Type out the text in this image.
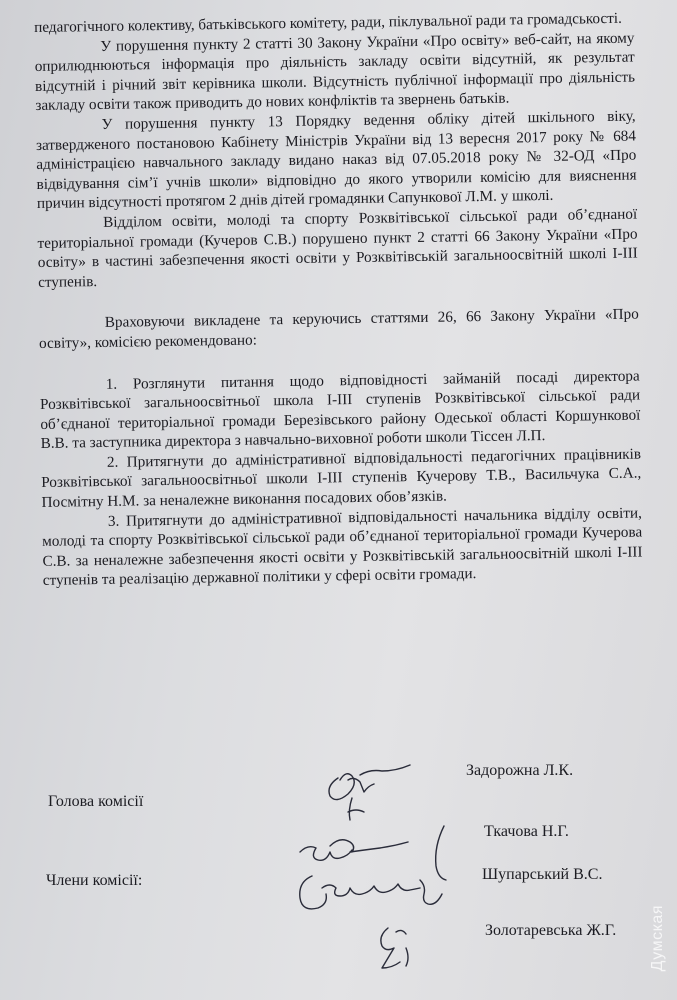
педагогічного колективу, батьківського комітету, ради, піклувальної ради та громадськості.

У порушення пункту 2 статті 30 Закону України «Про освіту» веб-сайт, на якому оприлюднюються інформація про діяльність закладу освіти відсутній, як результат відсутній і річний звіт керівника школи. Відсутність публічної інформації про діяльність закладу освіти також приводить до нових конфліктів та звернень батьків.

У порушення пункту 13 Порядку ведення обліку дітей шкільного віку, затвердженого постановою Кабінету Міністрів України від 13 вересня 2017 року № 684 адміністрацією навчального закладу видано наказ від 07.05.2018 року № 32-ОД «Про відвідування сім’ї учнів школи» відповідно до якого утворили комісію для вияснення причин відсутності протягом 2 днів дітей громадянки Сапункової Л.М. у школі.

Відділом освіти, молоді та спорту Розквітівської сільської ради об’єднаної територіальної громади (Кучеров С.В.) порушено пункт 2 статті 66 Закону України «Про освіту» в частині забезпечення якості освіти у Розквітівській загальноосвітній школі І-ІІІ ступенів.

Враховуючи викладене та керуючись статтями 26, 66 Закону України «Про освіту», комісією рекомендовано:

1. Розглянути питання щодо відповідності займаній посаді директора Розквітівської загальноосвітньої школа І-ІІІ ступенів Розквітівської сільської ради об’єднаної територіальної громади Березівського району Одеської області Коршункової В.В. та заступника директора з навчально-виховної роботи школи Тіссен Л.П.

2. Притягнути до адміністративної відповідальності педагогічних працівників Розквітівської загальноосвітньої школи І-ІІІ ступенів Кучерову Т.В., Васильчука С.А., Посмітну Н.М. за неналежне виконання посадових обов’язків.

3. Притягнути до адміністративної відповідальності начальника відділу освіти, молоді та спорту Розквітівської сільської ради об’єднаної територіальної громади Кучерова С.В. за неналежне забезпечення якості освіти у Розквітівській загальноосвітній школі І-ІІІ ступенів та реалізацію державної політики у сфері освіти громади.

Голова комісії
Члени комісії:
Задорожна Л.К.
Ткачова Н.Г.
Шупарський В.С.
Золотаревська Ж.Г. Думская
